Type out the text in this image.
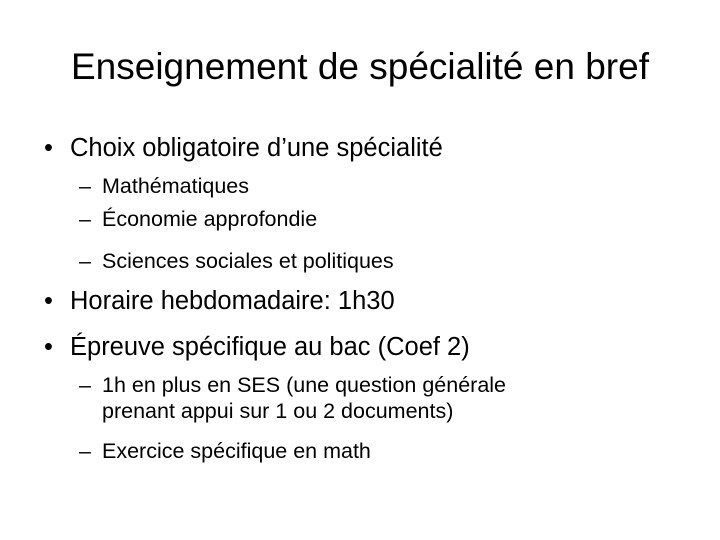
Enseignement de spécialité en bref
• Choix obligatoire d’une spécialité
– Mathématiques
– Économie approfondie
– Sciences sociales et politiques
• Horaire hebdomadaire: 1h30
• Épreuve spécifique au bac (Coef 2)
– 1h en plus en SES (une question générale prenant appui sur 1 ou 2 documents)
– Exercice spécifique en math
